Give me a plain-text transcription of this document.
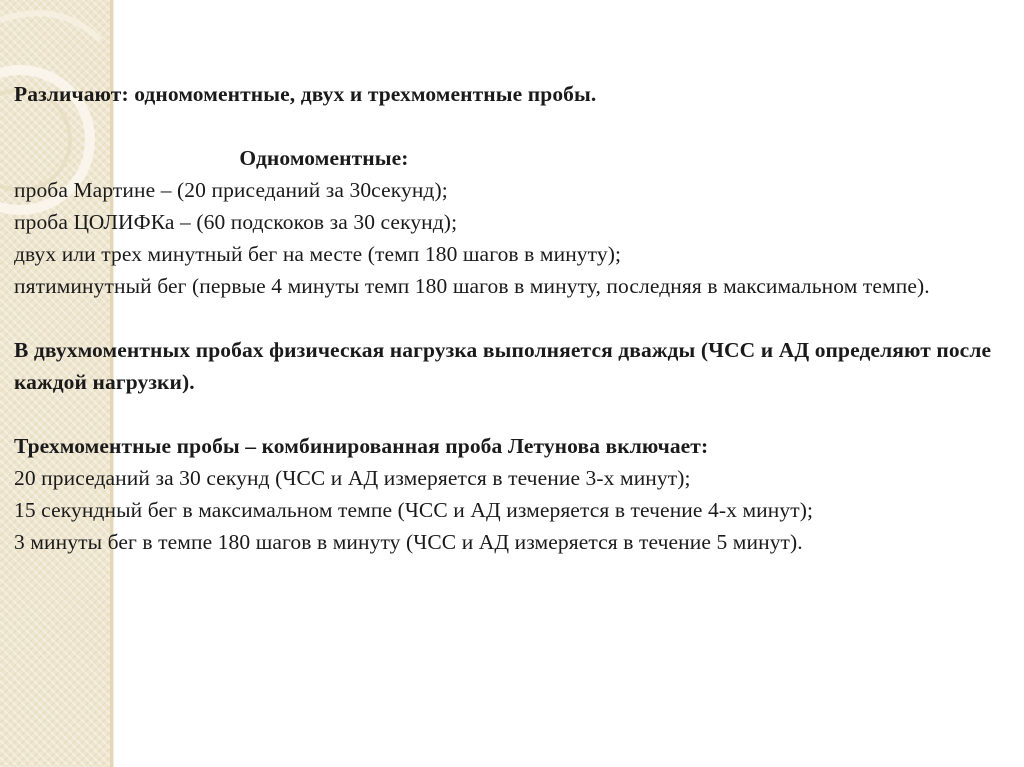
Различают: одномоментные, двух и трехмоментные пробы.
Одномоментные:
проба Мартине – (20 приседаний за 30секунд);
проба ЦОЛИФКа – (60 подскоков за 30 секунд);
двух или трех минутный бег на месте (темп 180 шагов в минуту);
пятиминутный бег (первые 4 минуты темп 180 шагов в минуту, последняя в максимальном темпе).
В двухмоментных пробах физическая нагрузка выполняется дважды (ЧСС и АД определяют после каждой нагрузки).
Трехмоментные пробы – комбинированная проба Летунова включает:
20 приседаний за 30 секунд (ЧСС и АД измеряется в течение 3-х минут);
15 секундный бег в максимальном темпе (ЧСС и АД измеряется в течение 4-х минут);
3 минуты бег в темпе 180 шагов в минуту (ЧСС и АД измеряется в течение 5 минут).
